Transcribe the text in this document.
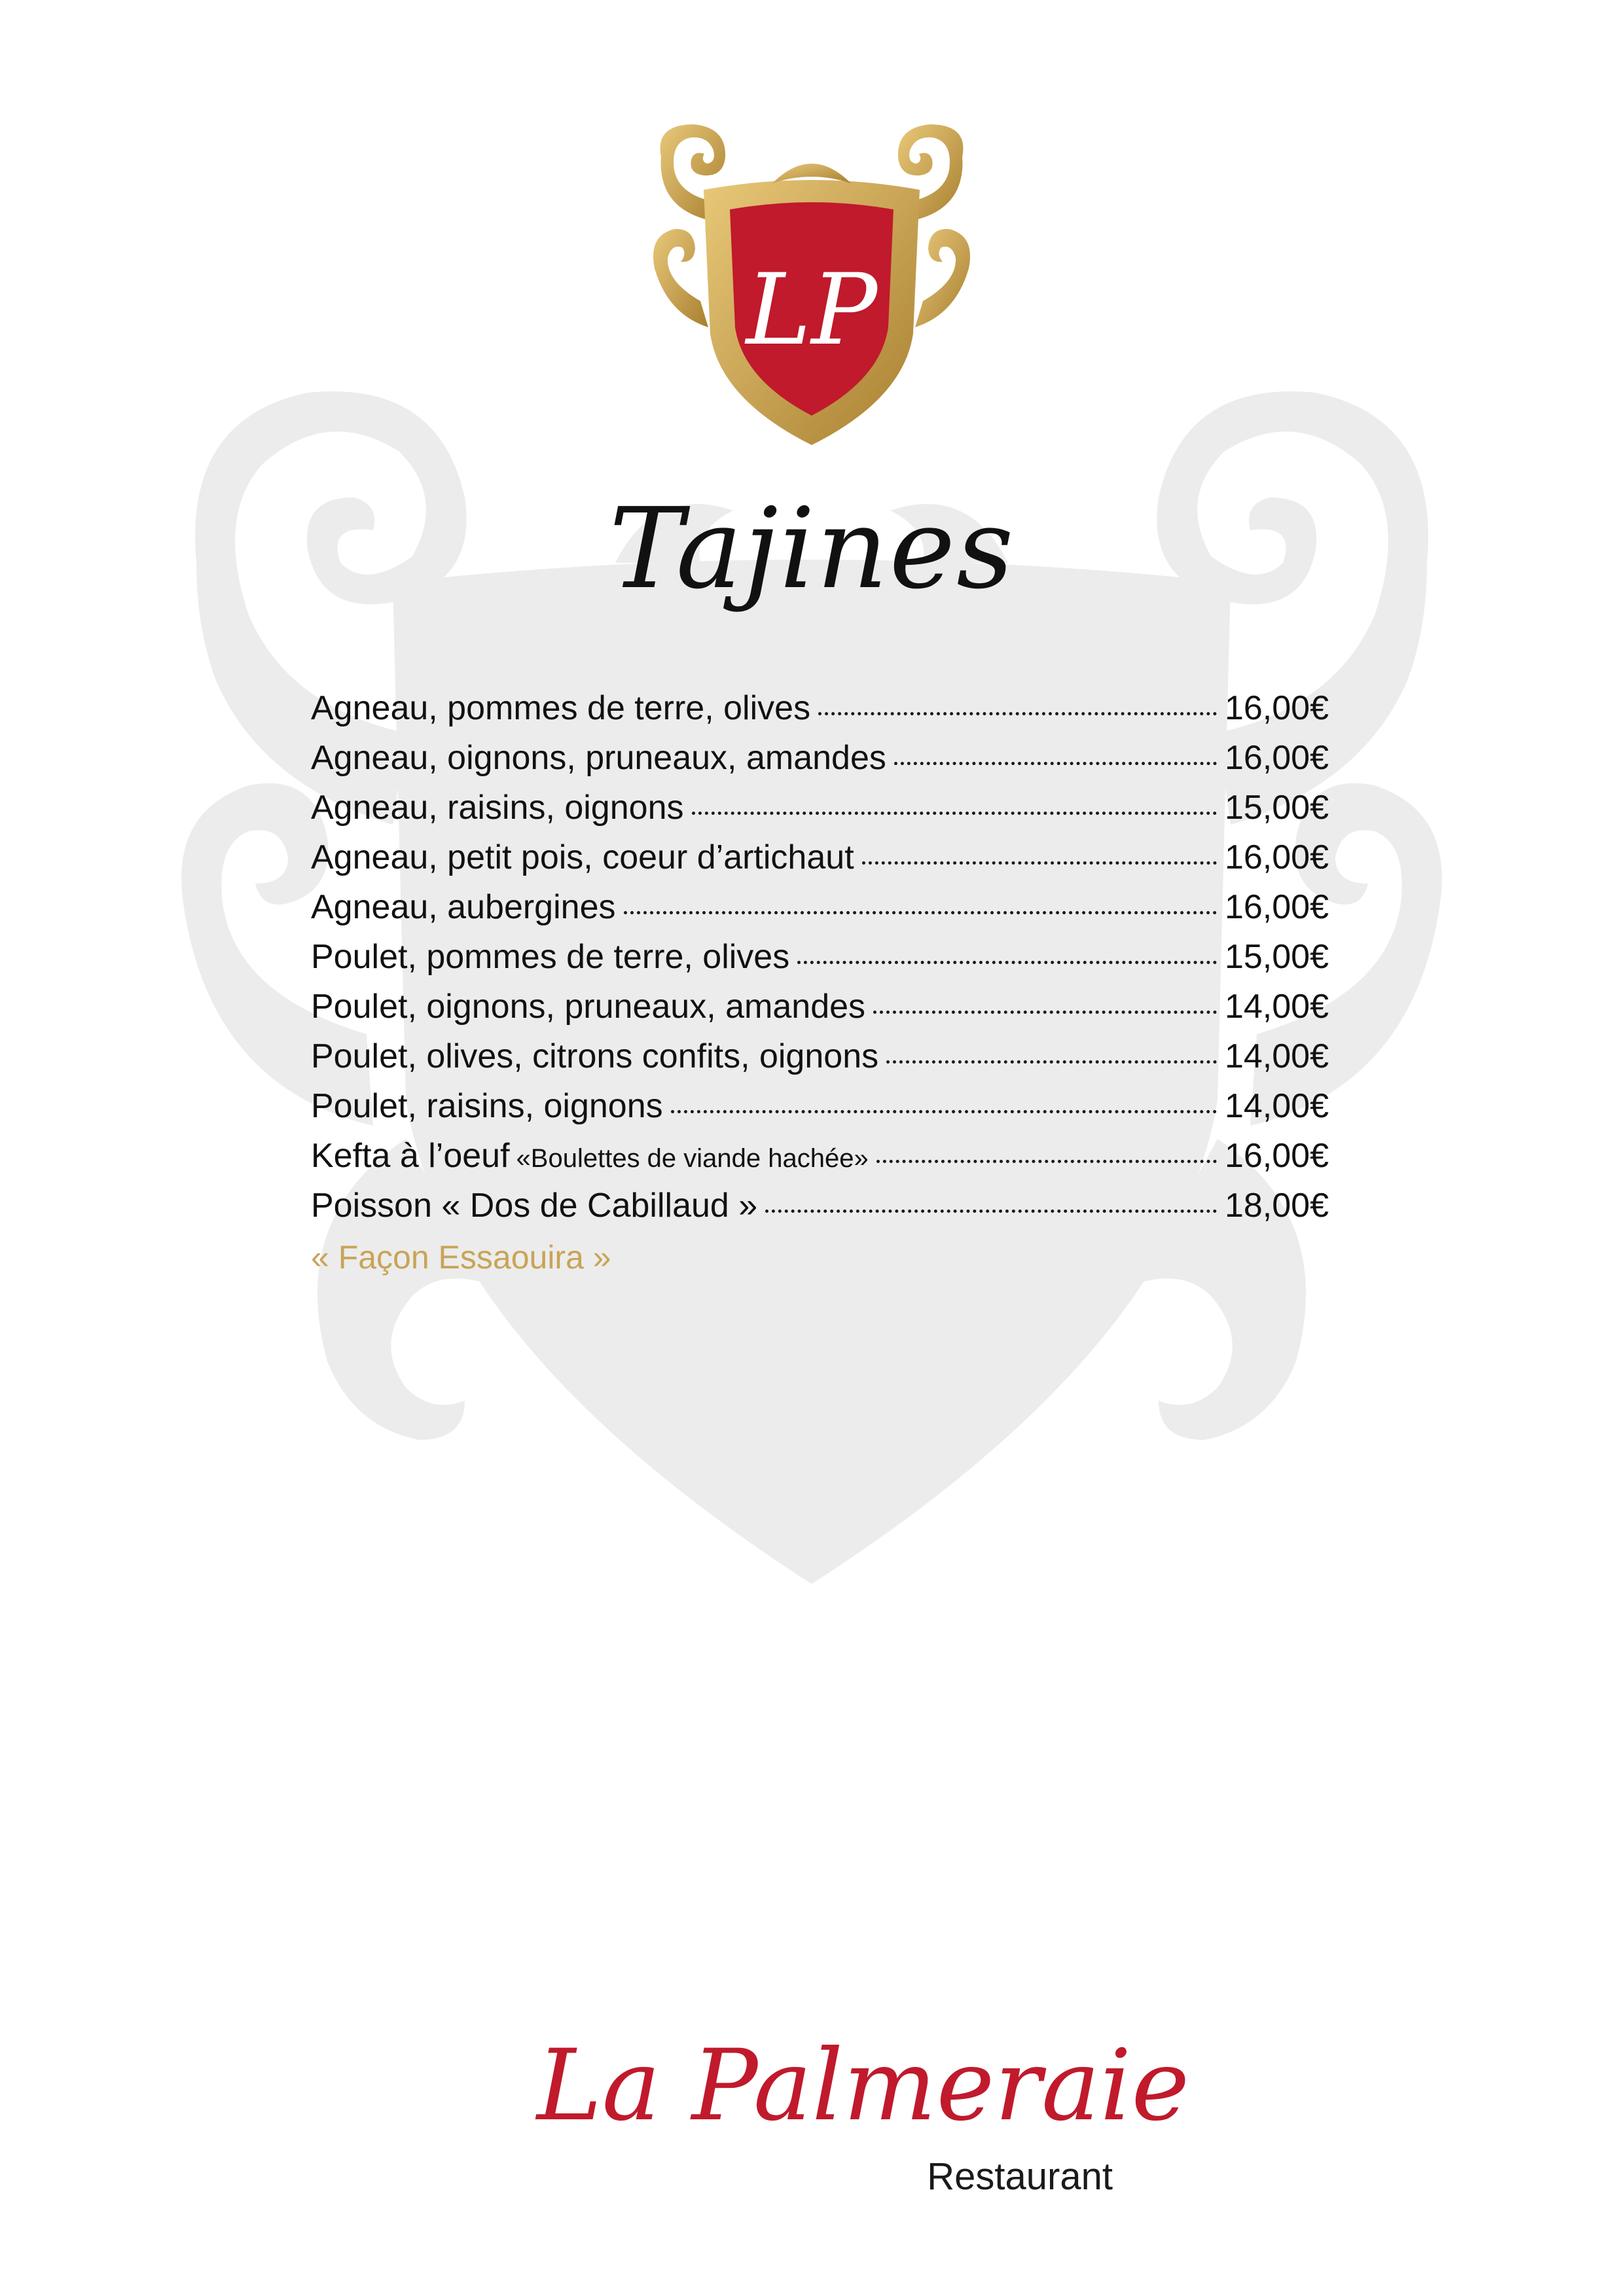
LP
Tajines
Agneau, pommes de terre, olives	16,00€
Agneau, oignons, pruneaux, amandes	16,00€
Agneau, raisins, oignons	15,00€
Agneau, petit pois, coeur d’artichaut	16,00€
Agneau, aubergines	16,00€
Poulet, pommes de terre, olives	15,00€
Poulet, oignons, pruneaux, amandes	14,00€
Poulet, olives, citrons confits, oignons	14,00€
Poulet, raisins, oignons	14,00€
Kefta à l’oeuf «Boulettes de viande hachée»	16,00€
Poisson « Dos de Cabillaud »	18,00€
« Façon Essaouira »
La Palmeraie
Restaurant
